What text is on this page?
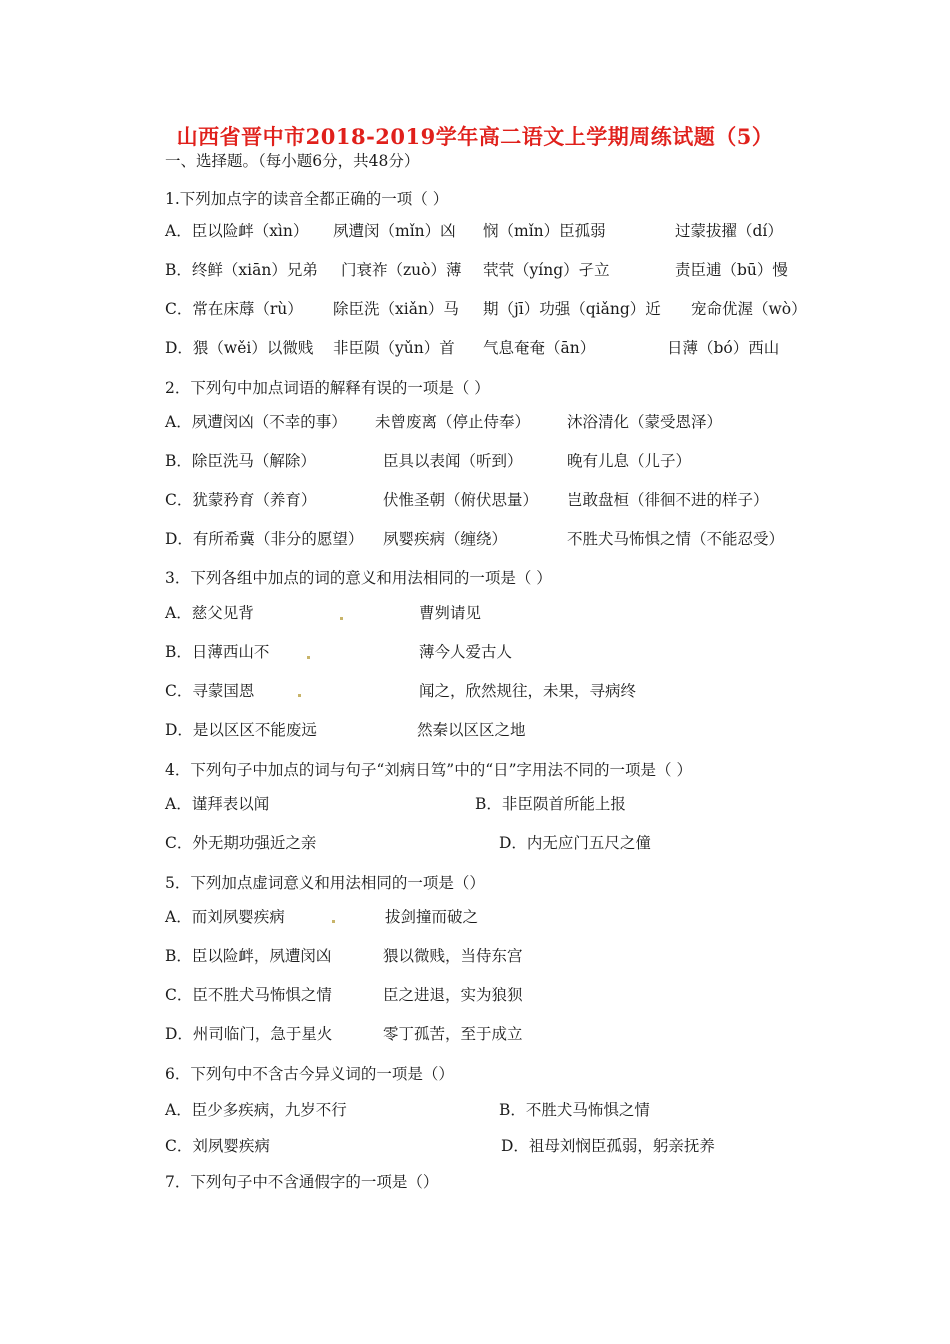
山西省晋中市2018-2019学年高二语文上学期周练试题（5）
一、选择题。（每小题6分，共48分）
1.下列加点字的读音全都正确的一项（ ）
A．臣以险衅（xìn） 夙遭闵（mǐn）凶 悯（mǐn）臣孤弱	过蒙拔擢（dí）
B．终鲜（xiān）兄弟 门衰祚（zuò）薄 茕茕（yíng）孑立	责臣逋（bū）慢
C．常在床蓐（rù） 除臣洗（xiǎn）马 期（jī）功强（qiǎng）近 宠命优渥（wò）
D．猥（wěi）以微贱 非臣陨（yǔn）首 气息奄奄（ān）	日薄（bó）西山
2．下列句中加点词语的解释有误的一项是（ ）
A．夙遭闵凶（不幸的事） 未曾废离（停止侍奉） 沐浴清化（蒙受恩泽）
B．除臣洗马（解除）	臣具以表闻（听到）	晚有儿息（儿子）
C．犹蒙矜育（养育）	伏惟圣朝（俯伏思量） 岂敢盘桓（徘徊不进的样子）
D．有所希冀（非分的愿望） 夙婴疾病（缠绕）	不胜犬马怖惧之情（不能忍受）
3．下列各组中加点的词的意义和用法相同的一项是（ ）
A．慈父见背	曹刿请见
B．日薄西山不	薄今人爱古人
C．寻蒙国恩	闻之，欣然规往，未果，寻病终
D．是以区区不能废远	然秦以区区之地
4．下列句子中加点的词与句子“刘病日笃”中的“日”字用法不同的一项是（ ）
A．谨拜表以闻	B．非臣陨首所能上报
C．外无期功强近之亲	D．内无应门五尺之僮
5．下列加点虚词意义和用法相同的一项是（）
A．而刘夙婴疾病	拔剑撞而破之
B．臣以险衅，夙遭闵凶	猥以微贱，当侍东宫
C．臣不胜犬马怖惧之情	臣之进退，实为狼狈
D．州司临门，急于星火	零丁孤苦，至于成立
6．下列句中不含古今异义词的一项是（）
A．臣少多疾病，九岁不行	B．不胜犬马怖惧之情
C．刘夙婴疾病	D．祖母刘悯臣孤弱，躬亲抚养
7．下列句子中不含通假字的一项是（）
